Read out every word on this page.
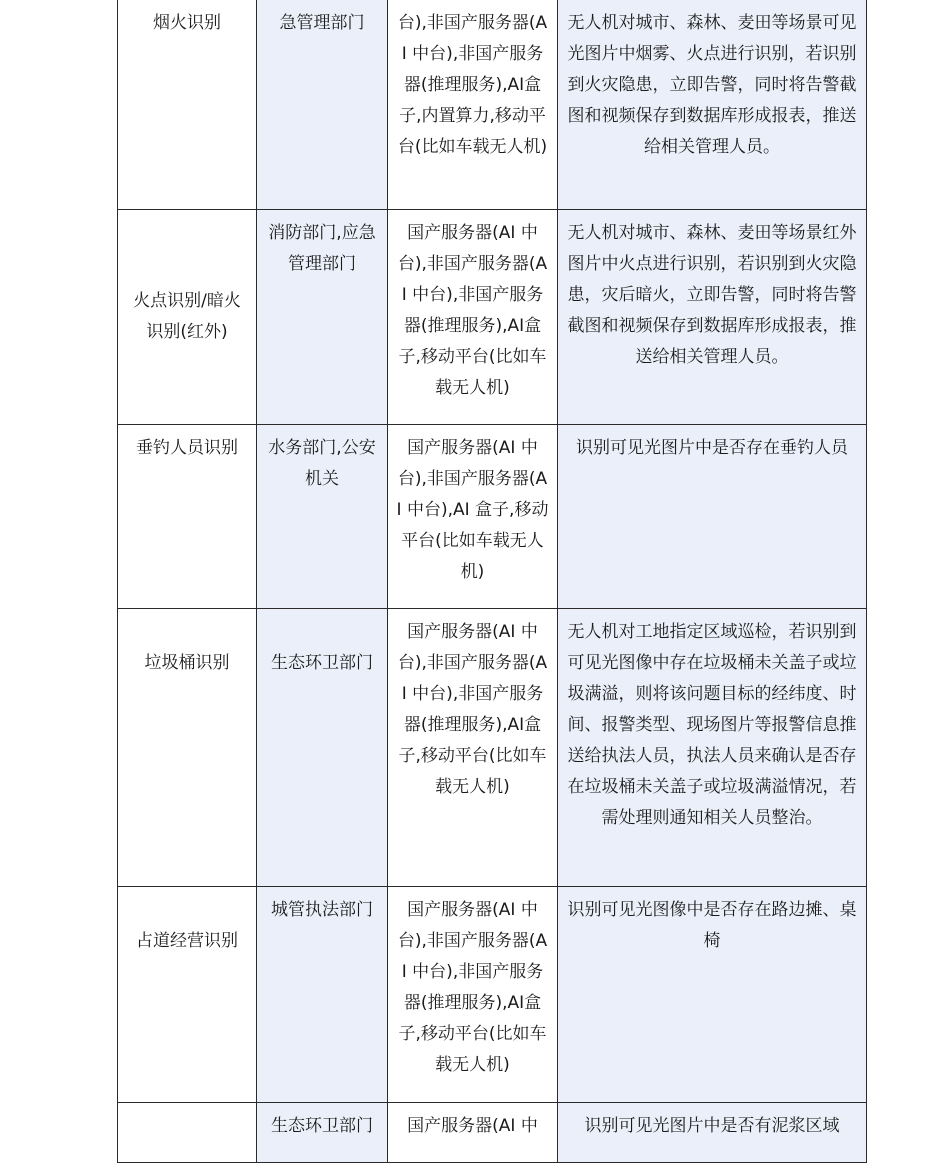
烟火识别	急管理部门	台),非国产服务器(AI 中台),非国产服务器(推理服务),AI盒子,内置算力,移动平台(比如车载无人机)	无人机对城市、森林、麦田等场景可见光图片中烟雾、火点进行识别，若识别到火灾隐患，立即告警，同时将告警截图和视频保存到数据库形成报表，推送给相关管理人员。

火点识别/暗火识别(红外)	消防部门,应急管理部门	国产服务器(AI 中台),非国产服务器(AI 中台),非国产服务器(推理服务),AI盒子,移动平台(比如车载无人机)	无人机对城市、森林、麦田等场景红外图片中火点进行识别，若识别到火灾隐患，灾后暗火，立即告警，同时将告警截图和视频保存到数据库形成报表，推送给相关管理人员。

垂钓人员识别	水务部门,公安机关	国产服务器(AI 中台),非国产服务器(AI 中台),AI 盒子,移动平台(比如车载无人机)	识别可见光图片中是否存在垂钓人员

垃圾桶识别	生态环卫部门	国产服务器(AI 中台),非国产服务器(AI 中台),非国产服务器(推理服务),AI盒子,移动平台(比如车载无人机)	无人机对工地指定区域巡检，若识别到可见光图像中存在垃圾桶未关盖子或垃圾满溢，则将该问题目标的经纬度、时间、报警类型、现场图片等报警信息推送给执法人员，执法人员来确认是否存在垃圾桶未关盖子或垃圾满溢情况，若需处理则通知相关人员整治。

占道经营识别	城管执法部门	国产服务器(AI 中台),非国产服务器(AI 中台),非国产服务器(推理服务),AI盒子,移动平台(比如车载无人机)	识别可见光图像中是否存在路边摊、桌椅

	生态环卫部门	国产服务器(AI 中	识别可见光图片中是否有泥浆区域
